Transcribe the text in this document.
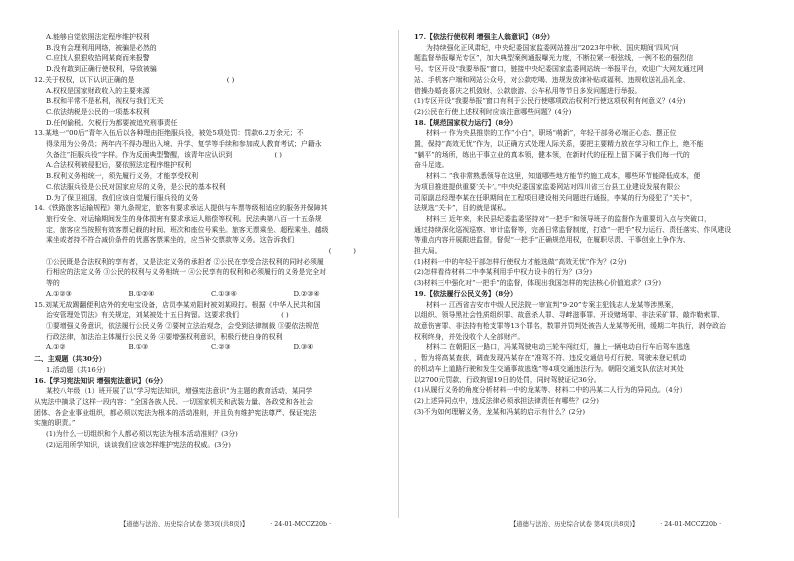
A.能够自觉依照法定程序维护权利

B.没有会理利用网络，被骗是必然的

C.应找人狠狠收拾网某商而来报警

D.没有敢到正确行使权利，导致被骗

12.关于权权，以下认识正确的是	( )

A.权权是国家财政收入的主要来源

B.权和平常不是私利，视权与我们无关

C.依法纳税是公民的一项基本权利

D.任何偷税、欠税行为都要被追究刑事责任

13.某地一“00后”青年入伍后以各种理由拒绝服兵役，被处5项处罚：罚款6.2万余元；不

得录用为公务员；两年内不得办理出入境、升学、复学等手续和参加成人教育考试；户籍永

久备注“拒服兵役”字样。作为反面典型警醒，该青年应认识到	( )

A.合法权利被侵犯后，要依照法定程序维护权利

B.权利义务相统一，须先履行义务，才能享受权利

C.依法服兵役是公民对国家应尽的义务，是公民的基本权利

D.为了保卫祖国，我们应该自觉履行服兵役的义务

14.《铁路旅客运输规程》第九条规定，旅客有要求承运人提供与车票等级相适应的服务并保障其

旅行安全、对运输期间发生的身体损害有要求承运人赔偿等权利。民法典第八百一十五条规

定，旅客应当按照有效客票记载的时间、班次和座位号乘坐。旅客无票乘坐、超程乘坐、越级

乘坐或者持不符合减价条件的优惠客票乘坐的，应当补交票款等义务。这告诉我们

(          )

①公民既是合法权利的享有者，又是法定义务的承担者 ②公民在享受合法权利的同时必须履

行相应的法定义务 ③公民的权利与义务相统一 ④公民享有的权利和必须履行的义务是完全对

等的

A.①②③	B.①②④	C.①③④	D.②③④

15.刘某无故踢翻便利店外的充电宝设备，店员李某劝阻时被刘某殴打。根据《中华人民共和国

治安管理处罚法》有关规定，刘某被处十五日拘留。这要求我们	( )

①要增强义务意识，依法履行公民义务 ②要树立法治观念，会受到法律制裁 ③要依法规范

行政法律，加法治主体履行公民义务 ④要增强权利意识，积极行使自身的权利

A.①②	B.①③	C.②③	D.③④

二、主观题（共30分）

1.活动题（共16分）

16.【学习宪法知识 增强宪法意识】（6分）

某校八年级（1）班开展了以“学习宪法知识，增强宪法意识”为主题的教育活动，某同学

从宪法中摘录了这样一段内容：“全国各族人民、一切国家机关和武装力量、各政党和各社会

团体、各企业事业组织，都必须以宪法为根本的活动准则，并且负有维护宪法尊严、保证宪法

实施的职责。”

(1)为什么一切组织和个人都必须以宪法为根本活动准则？(3分)

(2)运用所学知识，谈谈我们应该怎样维护宪法的权威。(3分)

17.【依法行使权利 增强主人翁意识】（8分）

为持续强化正风肃纪，中央纪委国家监委网站推出“2023年中秋、国庆期间‘四风’问

题监督举报曝光专区”，加大典型案例通报曝光力度，不断拉紧一根弦线，一例不松的强烈信

号。专区开设“我要举报”窗口，链接中央纪委国家监委网站统一举报平台，欢迎广大网友通过网

站、手机客户端和网站公众号，对公款吃喝、违规发放津补贴或福利、违规收送礼品礼金、

借操办婚丧喜庆之机敛财、公款旅游、公车私用等节日多发问题进行举报。

(1)专区开设“我要举报”窗口有利于公民行使哪项政治权利?行使这项权利有何意义？(4分)

(2)公民在行使上述权利时应该注意哪些问题？(4分)

18.【规范国家权力运行】（8分）

材料一 作为央县推崇的工作“小白”，职场“萌新”，年轻干部务必端正心态、摆正位

置，保持“高效无忧”作为，以正确方式处理人际关系，要把主要精力放在学习和工作上，绝不能

“躺平”的场所，练出干事立业的真本领，健本领，在新时代的征程上留下属于我们每一代的

奋斗足迹。

材料二 “我非常熟悉领导在这里，知道哪些地方能节约施工成本，哪些环节能降低成本，便

为项目推进提供重要‘关卡’。”中央纪委国家监委网站对四川省三台县工业建设发展有限公

司原副总经理李某在任职期间在工程项目建设相关问题进行通报，李某的行为侵犯了“关卡”，

法规选“关卡”，目的就是谋私。

材料三 近年来，来民县纪委监委坚持对“一把手”和领导班子的监督作为重要切入点与突破口，

通过持续深化巡视巡察、审计监督等，完善日常监督制度，打造“一把手”权力运行、责任落实、作风建设

等重点内容开展跟进监督，督促“一把手”正确规范用权，在履职尽责、干事创业上争作为、

担大局。

(1)材料一中的年轻干部怎样行使权力才能选做“高效无忧”作为？(2分)

(2)怎样看待材料二中李某利用手中权力设卡的行为？(3分)

(3)材料三中强化对“一把手”的监督，体现出我国怎样的宪法核心价值追求？(3分)

19.【依法履行公民义务】（8分）

材料一 江西省吉安市中级人民法院一审宣判“9·20”专案主犯钱志人龙某等涉黑案，

以组织、领导黑社会性质组织罪、故意杀人罪、寻衅滋事罪、开设赌场罪、非法采矿罪、敲诈勒索罪、

故意伤害罪、非法持有枪支罪等13个罪名，数罪并罚判处被告人龙某等死刑，缓期二年执行，剥夺政治

权利终身，并处没收个人全部财产。

材料二 在朝阳区一路口，冯某驾驶电动三轮车闯红灯，撞上一辆电动自行车后驾车逃逸

，暂为将高某查获，调查发现冯某存在“准驾不符、违反交通信号灯行驶、驾驶未登记机动

的机动车上道路行驶和发生交通事故逃逸”等4项交通违法行为。朝阳交通支队依法对其处

以2700元罚款、行政拘留19日的处罚，同时驾驶证记36分。

(1)从履行义务的角度分析材料一中的龙某等、材料二中的冯某二人行为的异同点。（4分）

(2)上述异同点中，违反法律必须承担法律责任有哪些？(2分)

(3)不为如何理解义务，龙某和冯某的启示有什么？(2分)

【道德与法治、历史综合试卷 第3页(共8页)】	· 24-01-MCCZ20b ·	【道德与法治、历史综合试卷 第4页(共8页)】	· 24-01-MCCZ20b ·
